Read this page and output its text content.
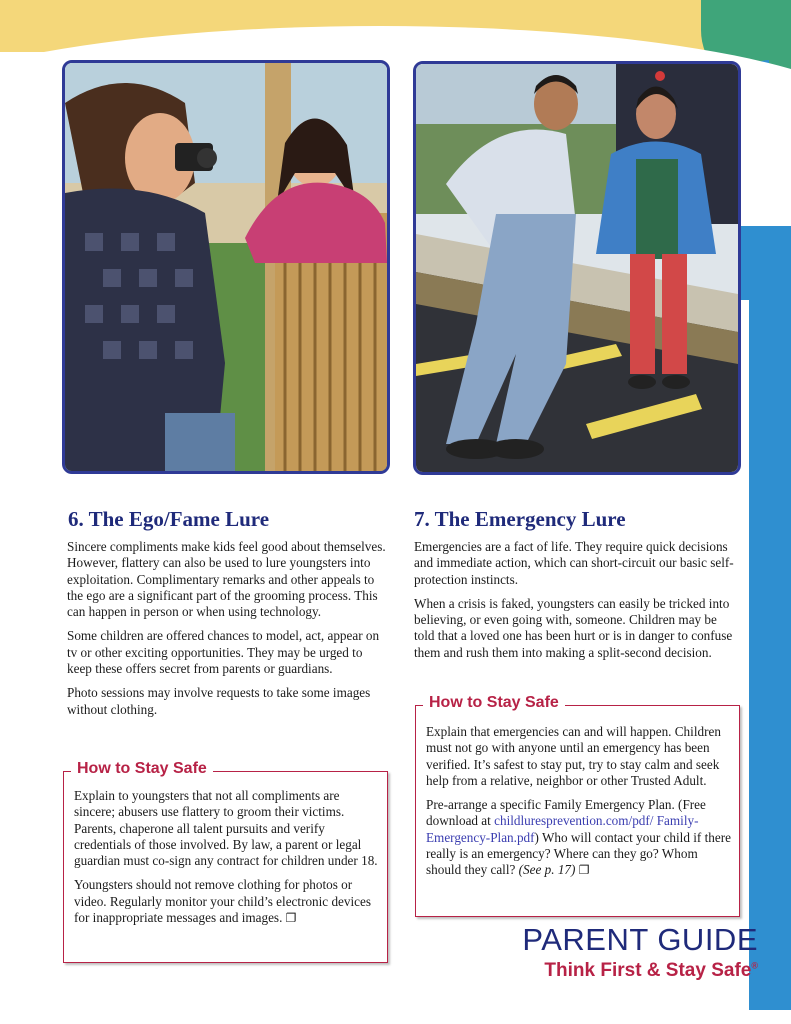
6. The Ego/Fame Lure

Sincere compliments make kids feel good about themselves. However, flattery can also be used to lure youngsters into exploitation. Complimentary remarks and other appeals to the ego are a significant part of the grooming process. This can happen in person or when using technology.

Some children are offered chances to model, act, appear on tv or other exciting opportunities. They may be urged to keep these offers secret from parents or guardians.

Photo sessions may involve requests to take some images without clothing.

How to Stay Safe

Explain to youngsters that not all compliments are sincere; abusers use flattery to groom their victims. Parents, chaperone all talent pursuits and verify credentials of those involved. By law, a parent or legal guardian must co-sign any contract for children under 18.

Youngsters should not remove clothing for photos or video. Regularly monitor your child’s electronic devices for inappropriate messages and images. ❐

7. The Emergency Lure

Emergencies are a fact of life. They require quick decisions and immediate action, which can short-circuit our basic self-protection instincts.

When a crisis is faked, youngsters can easily be tricked into believing, or even going with, someone. Children may be told that a loved one has been hurt or is in danger to confuse them and rush them into making a split-second decision.

How to Stay Safe

Explain that emergencies can and will happen. Children must not go with anyone until an emergency has been verified. It’s safest to stay put, try to stay calm and seek help from a relative, neighbor or other Trusted Adult.

Pre-arrange a specific Family Emergency Plan. (Free download at childluresprevention.com/pdf/ Family-Emergency-Plan.pdf) Who will contact your child if there really is an emergency? Where can they go? Whom should they call? (See p. 17) ❐

PARENT GUIDE
Think First & Stay Safe®
